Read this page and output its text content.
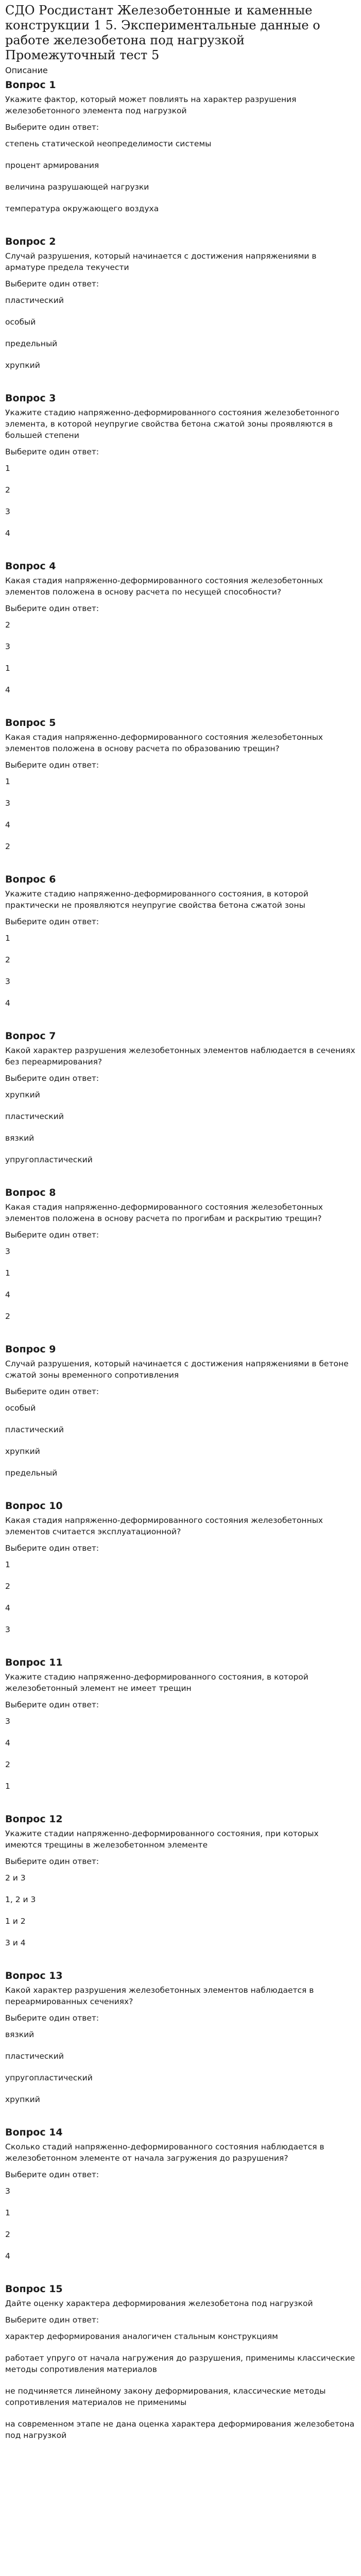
СДО Росдистант Железобетонные и каменные конструкции 1 5. Экспериментальные данные о работе железобетона под нагрузкой Промежуточный тест 5
Описание
Вопрос 1
Укажите фактор, который может повлиять на характер разрушения железобетонного элемента под нагрузкой
Выберите один ответ:
степень статической неопределимости системы
процент армирования
величина разрушающей нагрузки
температура окружающего воздуха
Вопрос 2
Случай разрушения, который начинается с достижения напряжениями в арматуре предела текучести
Выберите один ответ:
пластический
особый
предельный
хрупкий
Вопрос 3
Укажите стадию напряженно-деформированного состояния железобетонного элемента, в которой неупругие свойства бетона сжатой зоны проявляются в большей степени
Выберите один ответ:
1
2
3
4
Вопрос 4
Какая стадия напряженно-деформированного состояния железобетонных элементов положена в основу расчета по несущей способности?
Выберите один ответ:
2
3
1
4
Вопрос 5
Какая стадия напряженно-деформированного состояния железобетонных элементов положена в основу расчета по образованию трещин?
Выберите один ответ:
1
3
4
2
Вопрос 6
Укажите стадию напряженно-деформированного состояния, в которой практически не проявляются неупругие свойства бетона сжатой зоны
Выберите один ответ:
1
2
3
4
Вопрос 7
Какой характер разрушения железобетонных элементов наблюдается в сечениях без переармирования?
Выберите один ответ:
хрупкий
пластический
вязкий
упругопластический
Вопрос 8
Какая стадия напряженно-деформированного состояния железобетонных элементов положена в основу расчета по прогибам и раскрытию трещин?
Выберите один ответ:
3
1
4
2
Вопрос 9
Случай разрушения, который начинается с достижения напряжениями в бетоне сжатой зоны временного сопротивления
Выберите один ответ:
особый
пластический
хрупкий
предельный
Вопрос 10
Какая стадия напряженно-деформированного состояния железобетонных элементов считается эксплуатационной?
Выберите один ответ:
1
2
4
3
Вопрос 11
Укажите стадию напряженно-деформированного состояния, в которой железобетонный элемент не имеет трещин
Выберите один ответ:
3
4
2
1
Вопрос 12
Укажите стадии напряженно-деформированного состояния, при которых имеются трещины в железобетонном элементе
Выберите один ответ:
2 и 3
1, 2 и 3
1 и 2
3 и 4
Вопрос 13
Какой характер разрушения железобетонных элементов наблюдается в переармированных сечениях?
Выберите один ответ:
вязкий
пластический
упругопластический
хрупкий
Вопрос 14
Сколько стадий напряженно-деформированного состояния наблюдается в железобетонном элементе от начала загружения до разрушения?
Выберите один ответ:
3
1
2
4
Вопрос 15
Дайте оценку характера деформирования железобетона под нагрузкой
Выберите один ответ:
характер деформирования аналогичен стальным конструкциям
работает упруго от начала нагружения до разрушения, применимы классические методы сопротивления материалов
не подчиняется линейному закону деформирования, классические методы сопротивления материалов не применимы
на современном этапе не дана оценка характера деформирования железобетона под нагрузкой
